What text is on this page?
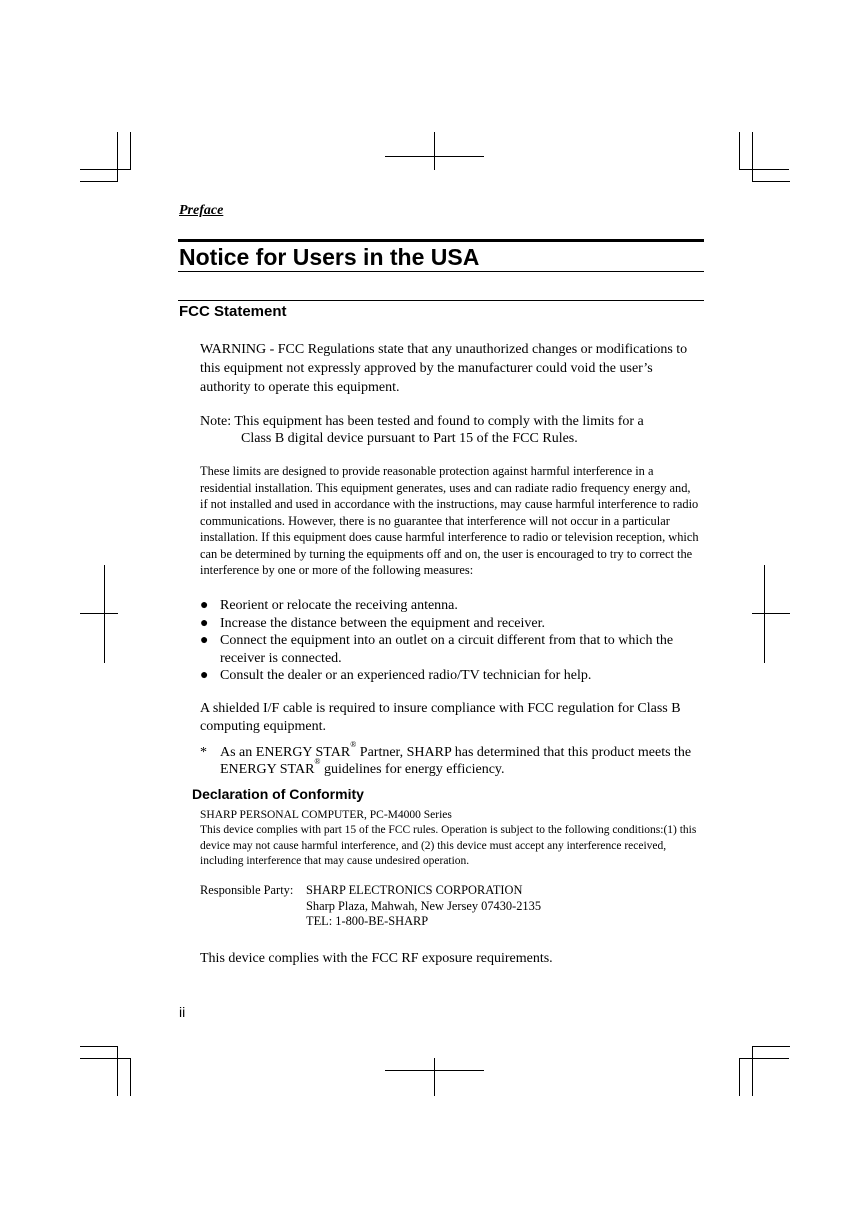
Preface
Notice for Users in the USA
FCC Statement
WARNING - FCC Regulations state that any unauthorized changes or modifications to this equipment not expressly approved by the manufacturer could void the user’s authority to operate this equipment.
Note: This equipment has been tested and found to comply with the limits for a
Class B digital device pursuant to Part 15 of the FCC Rules.
These limits are designed to provide reasonable protection against harmful interference in a residential installation. This equipment generates, uses and can radiate radio frequency energy and, if not installed and used in accordance with the instructions, may cause harmful interference to radio communications. However, there is no guarantee that interference will not occur in a particular installation. If this equipment does cause harmful interference to radio or television reception, which can be determined by turning the equipments off and on, the user is encouraged to try to correct the interference by one or more of the following measures:
● Reorient or relocate the receiving antenna.
● Increase the distance between the equipment and receiver.
● Connect the equipment into an outlet on a circuit different from that to which the receiver is connected.
● Consult the dealer or an experienced radio/TV technician for help.
A shielded I/F cable is required to insure compliance with FCC regulation for Class B computing equipment.
* As an ENERGY STAR® Partner, SHARP has determined that this product meets the ENERGY STAR® guidelines for energy efficiency.
Declaration of Conformity
SHARP PERSONAL COMPUTER, PC-M4000 Series
This device complies with part 15 of the FCC rules. Operation is subject to the following conditions:(1) this device may not cause harmful interference, and (2) this device must accept any interference received, including interference that may cause undesired operation.
Responsible Party:	SHARP ELECTRONICS CORPORATION
Sharp Plaza, Mahwah, New Jersey 07430-2135
TEL: 1-800-BE-SHARP
This device complies with the FCC RF exposure requirements.
ii
